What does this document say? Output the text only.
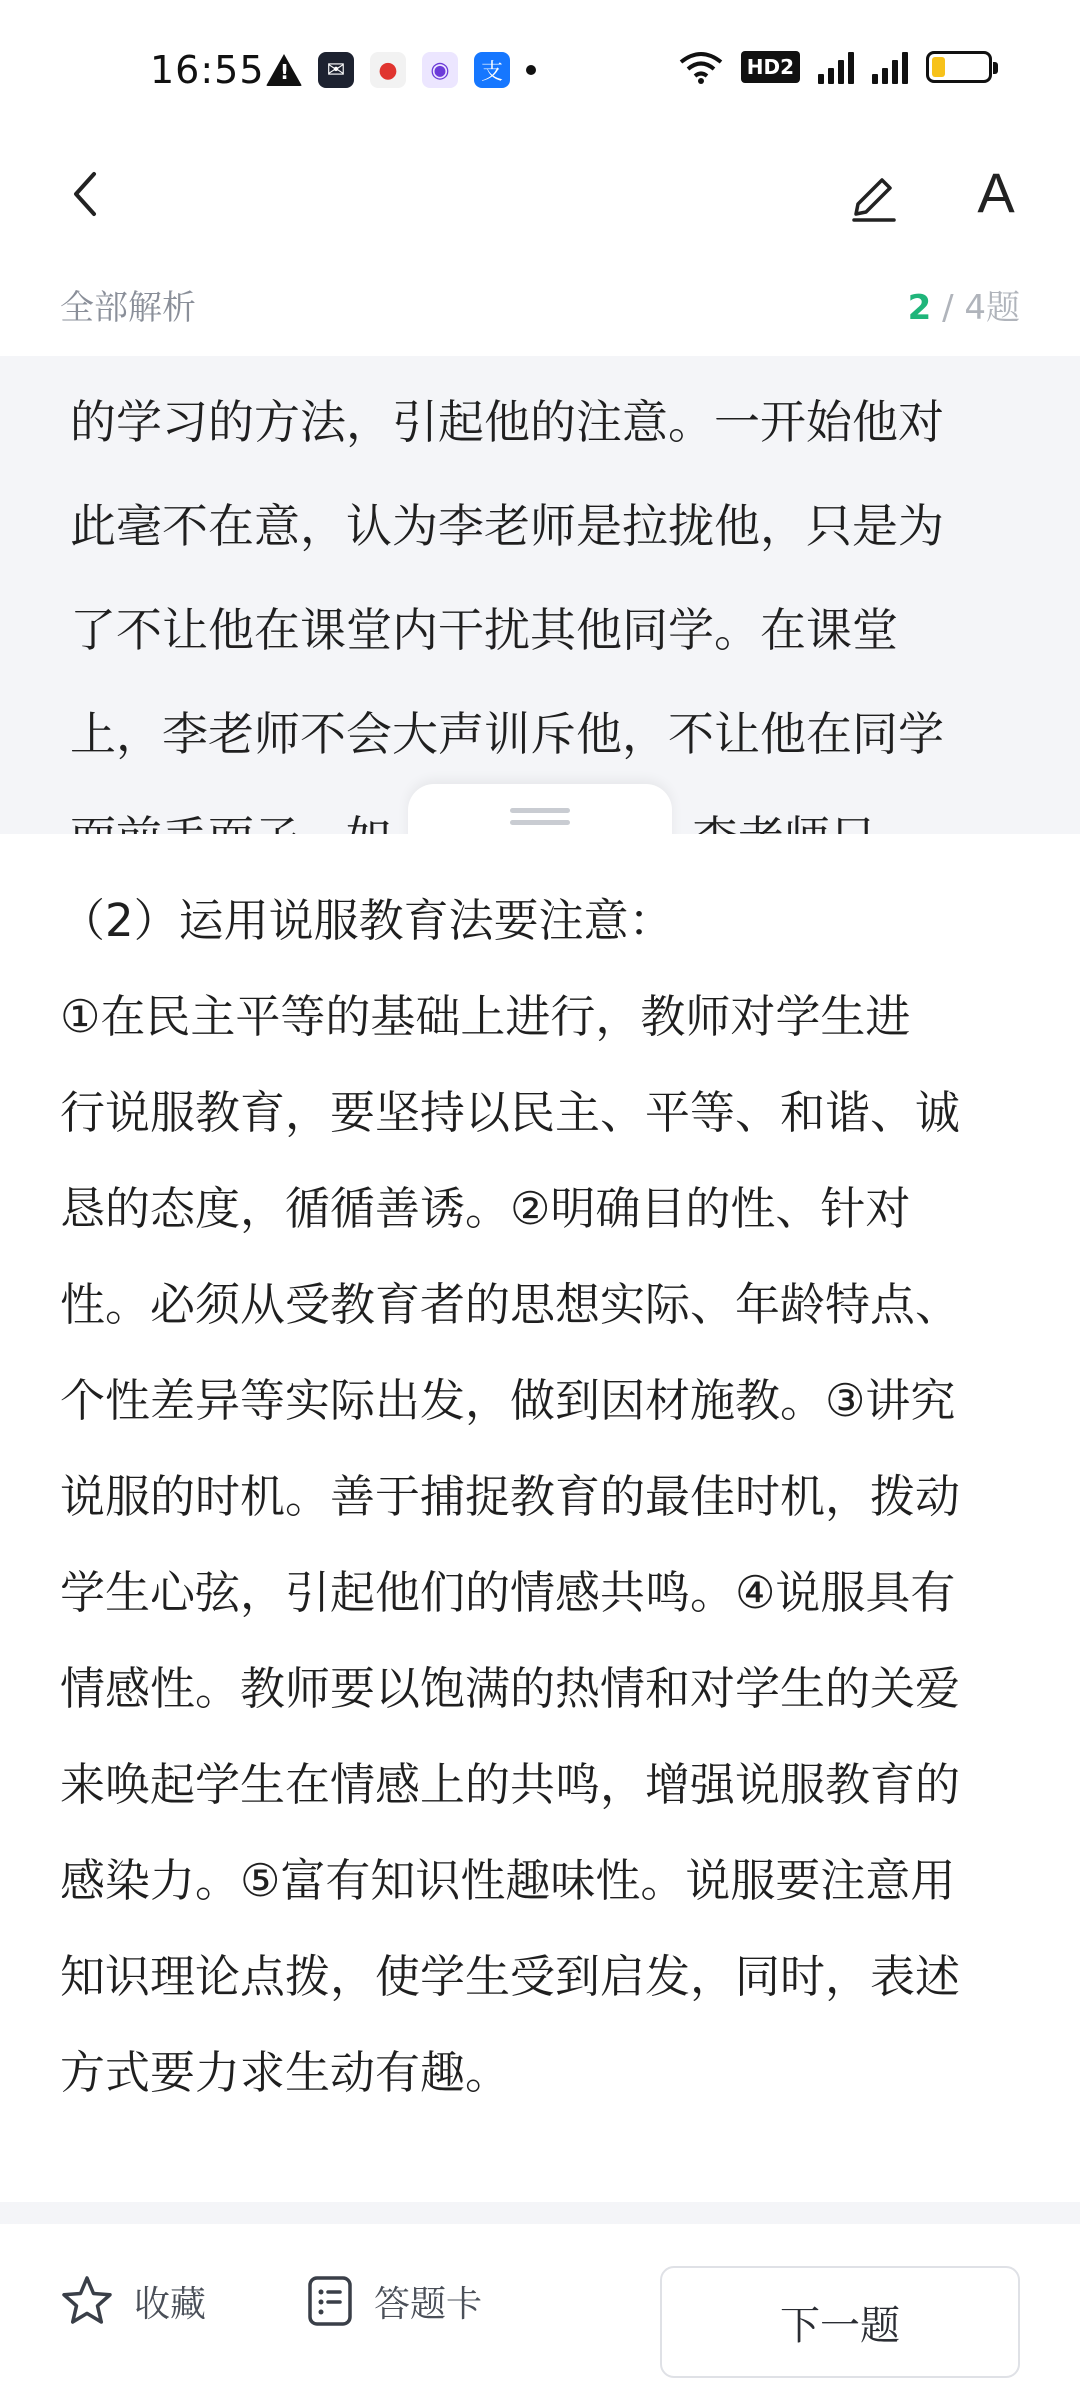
16:55
!	✉	●	◉	支	HD2
A
全部解析	2 / 4题
的学习的方法，引起他的注意。一开始他对
此毫不在意，认为李老师是拉拢他，只是为
了不让他在课堂内干扰其他同学。在课堂
上，李老师不会大声训斥他，不让他在同学
（2）运用说服教育法要注意：
①在民主平等的基础上进行，教师对学生进
行说服教育，要坚持以民主、平等、和谐、诚
恳的态度，循循善诱。②明确目的性、针对
性。必须从受教育者的思想实际、年龄特点、
个性差异等实际出发，做到因材施教。③讲究
说服的时机。善于捕捉教育的最佳时机，拨动
学生心弦，引起他们的情感共鸣。④说服具有
情感性。教师要以饱满的热情和对学生的关爱
来唤起学生在情感上的共鸣，增强说服教育的
感染力。⑤富有知识性趣味性。说服要注意用
知识理论点拨，使学生受到启发，同时，表述
方式要力求生动有趣。
收藏	答题卡	下一题
